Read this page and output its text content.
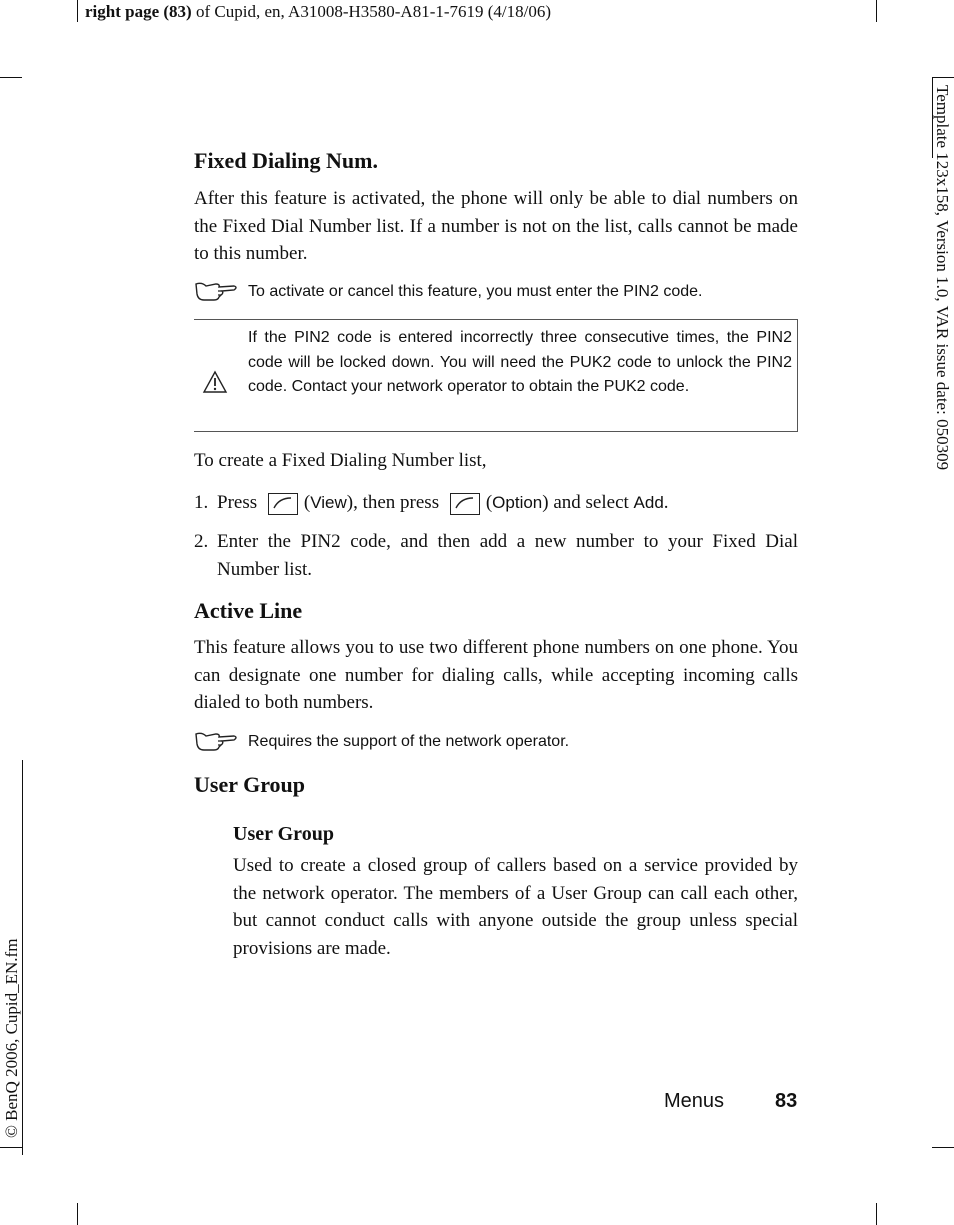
right page (83) of Cupid, en, A31008-H3580-A81-1-7619 (4/18/06)
Template 123x158, Version 1.0, VAR issue date: 050309
© BenQ 2006, Cupid_EN.fm
Fixed Dialing Num.
After this feature is activated, the phone will only be able to dial numbers on the Fixed Dial Number list. If a number is not on the list, calls cannot be made to this number.
To activate or cancel this feature, you must enter the PIN2 code.
If the PIN2 code is entered incorrectly three consecutive times, the PIN2 code will be locked down. You will need the PUK2 code to unlock the PIN2 code. Contact your network operator to obtain the PUK2 code.
To create a Fixed Dialing Number list,
1. Press (View), then press (Option) and select Add.
2. Enter the PIN2 code, and then add a new number to your Fixed Dial Number list.
Active Line
This feature allows you to use two different phone numbers on one phone. You can designate one number for dialing calls, while accepting incoming calls dialed to both numbers.
Requires the support of the network operator.
User Group
User Group
Used to create a closed group of callers based on a service provided by the network operator. The members of a User Group can call each other, but cannot conduct calls with anyone outside the group unless special provisions are made.
Menus	83
